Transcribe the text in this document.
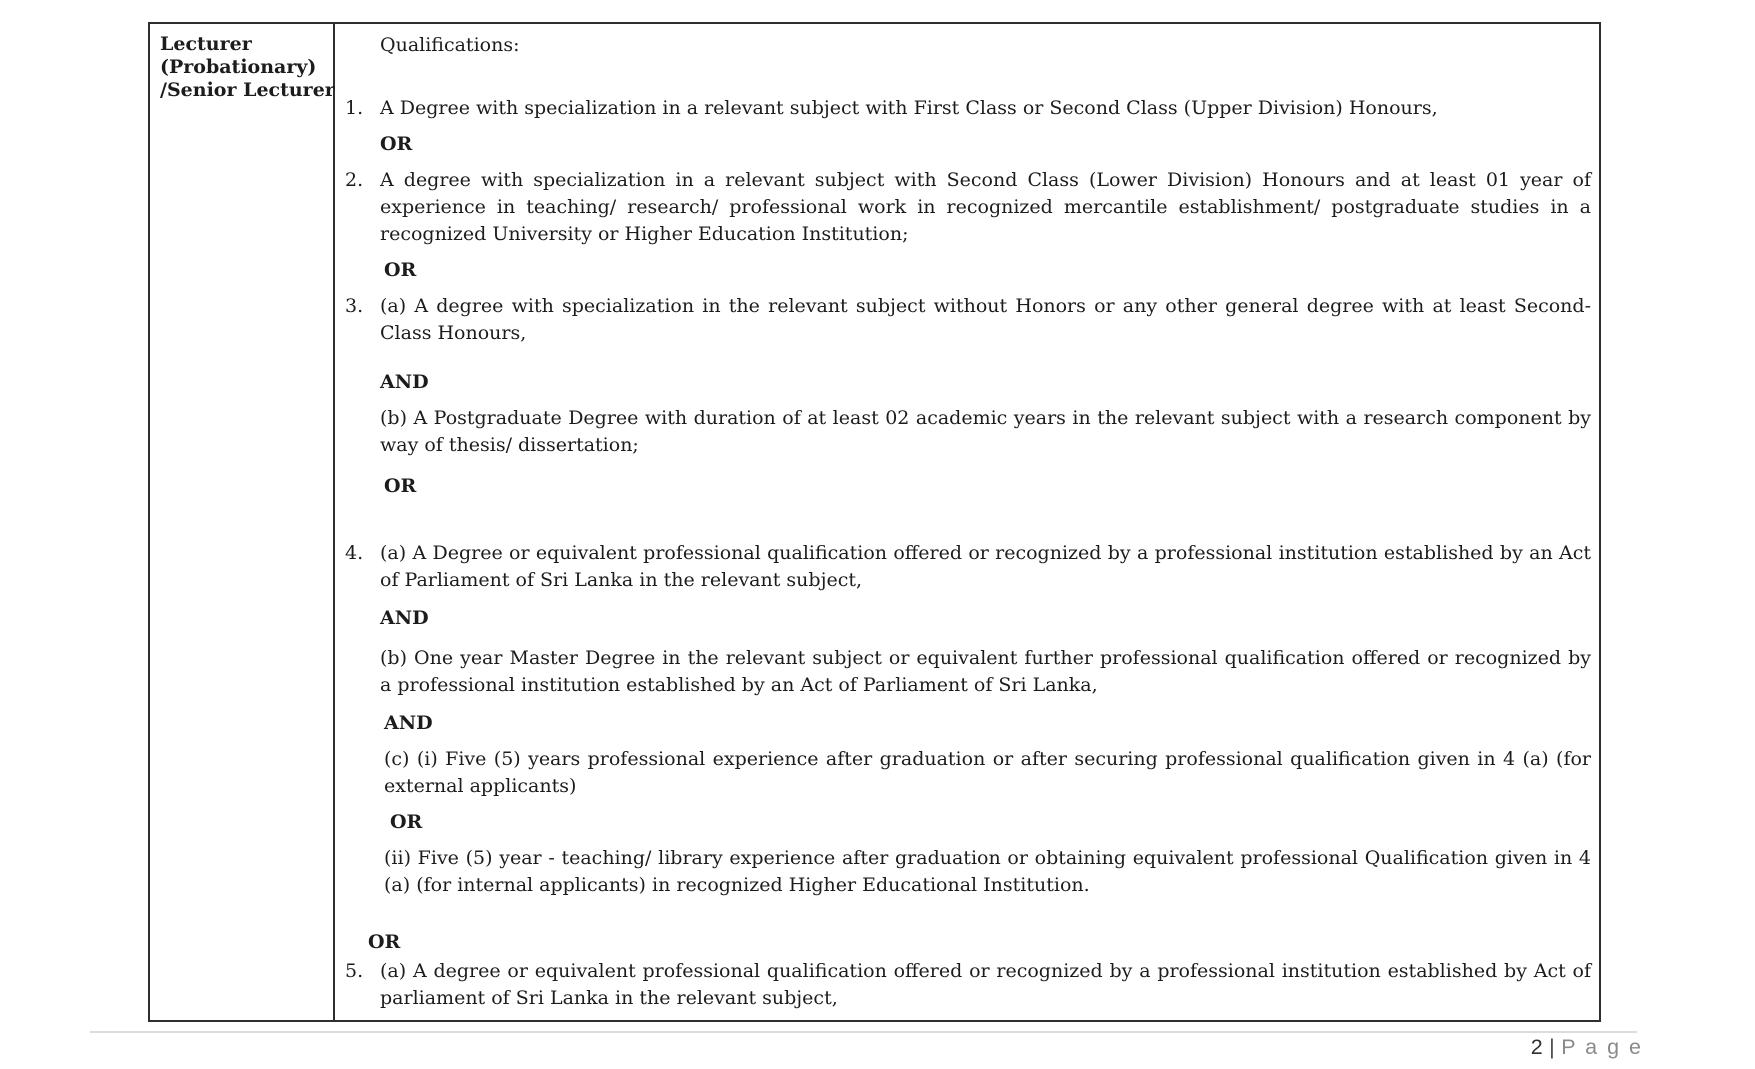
Lecturer
(Probationary)
/Senior Lecturer
Qualifications:
1. A Degree with specialization in a relevant subject with First Class or Second Class (Upper Division) Honours,
OR
2. A degree with specialization in a relevant subject with Second Class (Lower Division) Honours and at least 01 year of experience in teaching/ research/ professional work in recognized mercantile establishment/ postgraduate studies in a recognized University or Higher Education Institution;
OR
3. (a) A degree with specialization in the relevant subject without Honors or any other general degree with at least Second-Class Honours,
AND
(b) A Postgraduate Degree with duration of at least 02 academic years in the relevant subject with a research component by way of thesis/ dissertation;
OR
4. (a) A Degree or equivalent professional qualification offered or recognized by a professional institution established by an Act of Parliament of Sri Lanka in the relevant subject,
AND
(b) One year Master Degree in the relevant subject or equivalent further professional qualification offered or recognized by a professional institution established by an Act of Parliament of Sri Lanka,
AND
(c) (i) Five (5) years professional experience after graduation or after securing professional qualification given in 4 (a) (for external applicants)
OR
(ii) Five (5) year - teaching/ library experience after graduation or obtaining equivalent professional Qualification given in 4 (a) (for internal applicants) in recognized Higher Educational Institution.
OR
5. (a) A degree or equivalent professional qualification offered or recognized by a professional institution established by Act of parliament of Sri Lanka in the relevant subject,
2 | P a g e
